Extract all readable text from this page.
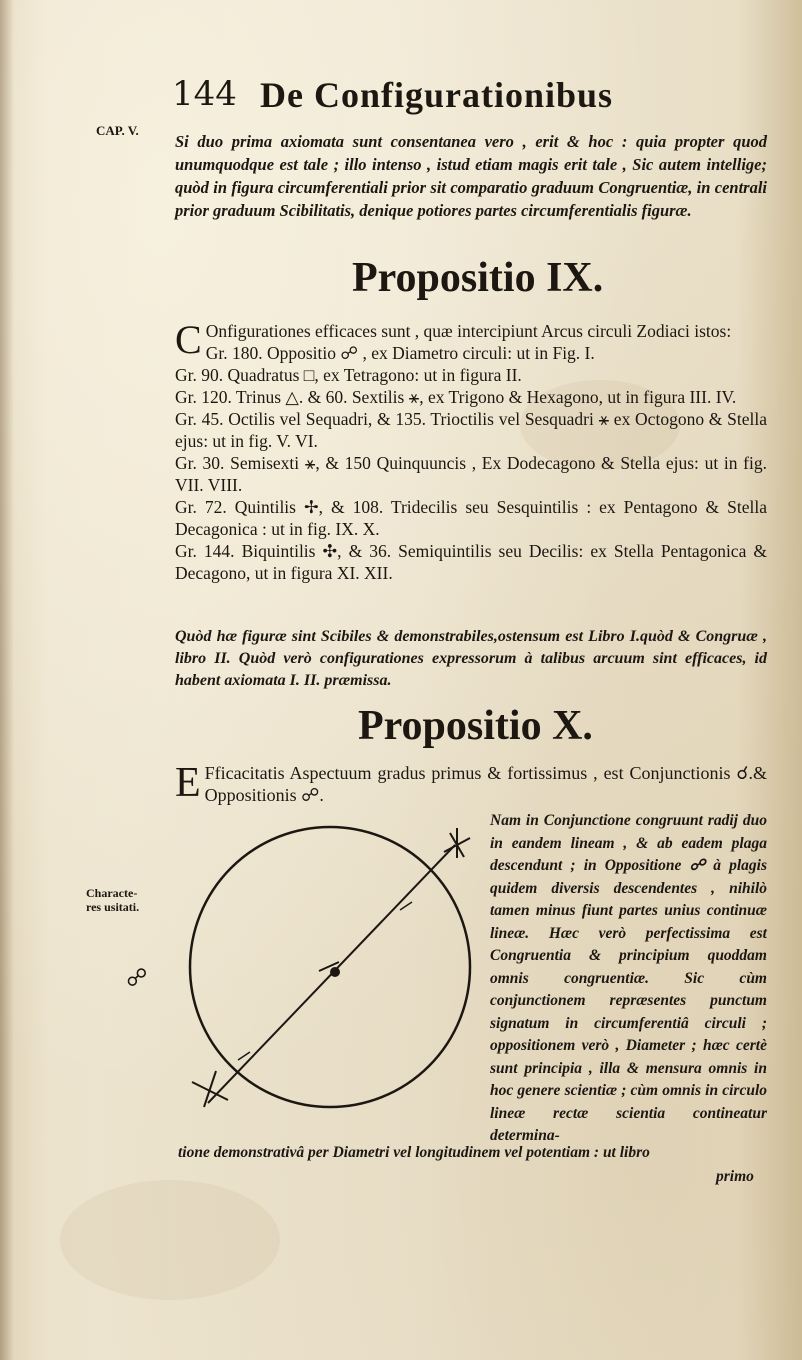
144 De Configurationibus
CAP. V.

Si duo prima axiomata sunt consentanea vero , erit & hoc : quia propter quod unumquodque est tale ; illo intenso , istud etiam magis erit tale , Sic autem intellige; quòd in figura circumferentiali prior sit comparatio graduum Congruentiæ, in centrali prior graduum Scibilitatis, denique potiores partes circumferentialis figuræ.

Propositio IX.

C Onfigurationes efficaces sunt , quæ intercipiunt Arcus circuli Zodiaci istos:

Gr. 180. Oppositio ☍ , ex Diametro circuli: ut in Fig. I.

Gr. 90. Quadratus □, ex Tetragono: ut in figura II.

Gr. 120. Trinus △. & 60. Sextilis ⚹, ex Trigono & Hexagono, ut in figura III. IV.

Gr. 45. Octilis vel Sequadri, & 135. Trioctilis vel Sesquadri ⚹ ex Octogono & Stella ejus: ut in fig. V. VI.

Gr. 30. Semisexti ⚹, & 150 Quinquuncis , Ex Dodecagono & Stella ejus: ut in fig. VII. VIII.

Gr. 72. Quintilis ✢, & 108. Tridecilis seu Sesquintilis : ex Pentagono & Stella Decagonica : ut in fig. IX. X.

Gr. 144. Biquintilis ✣, & 36. Semiquintilis seu Decilis: ex Stella Pentagonica & Decagono, ut in figura XI. XII.

Quòd hæ figuræ sint Scibiles & demonstrabiles,ostensum est Libro I.quòd & Congruæ , libro II. Quòd verò configurationes expressorum à talibus arcuum sint efficaces, id habent axiomata I. II. præmissa.

Propositio X.

E Fficacitatis Aspectuum gradus primus & fortissimus , est Conjunctionis ☌.& Oppositionis ☍.

Characte-
res usitati.
☍

Nam in Conjunctione congruunt radij duo in eandem lineam , & ab eadem plaga descendunt ; in Oppositione ☍ à plagis quidem diversis descendentes , nihilò tamen minus fiunt partes unius continuæ lineæ. Hæc verò perfectissima est Congruentia & principium quoddam omnis congruentiæ. Sic cùm conjunctionem repræsentes punctum signatum in circumferentiâ circuli ; oppositionem verò , Diameter ; hæc certè sunt principia , illa & mensura omnis in hoc genere scientiæ ; cùm omnis in circulo lineæ rectæ scientia contineatur determina-

tione demonstrativâ per Diametri vel longitudinem vel potentiam : ut libro

primo
